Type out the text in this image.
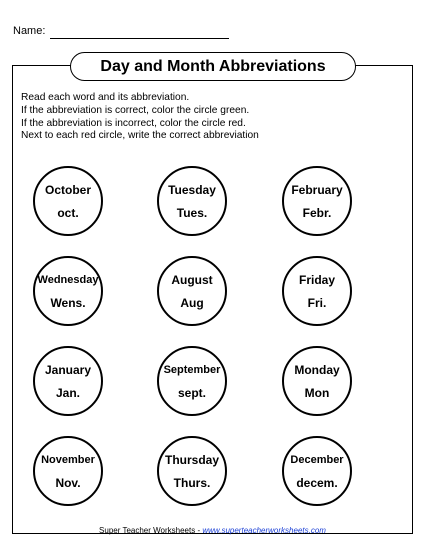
Name:
Day and Month Abbreviations
Read each word and its abbreviation.
If the abbreviation is correct, color the circle green.
If the abbreviation is incorrect, color the circle red.
Next to each red circle, write the correct abbreviation
October
oct.
Tuesday
Tues.
February
Febr.
Wednesday
Wens.
August
Aug
Friday
Fri.
January
Jan.
September
sept.
Monday
Mon
November
Nov.
Thursday
Thurs.
December
decem.
Super Teacher Worksheets - www.superteacherworksheets.com
